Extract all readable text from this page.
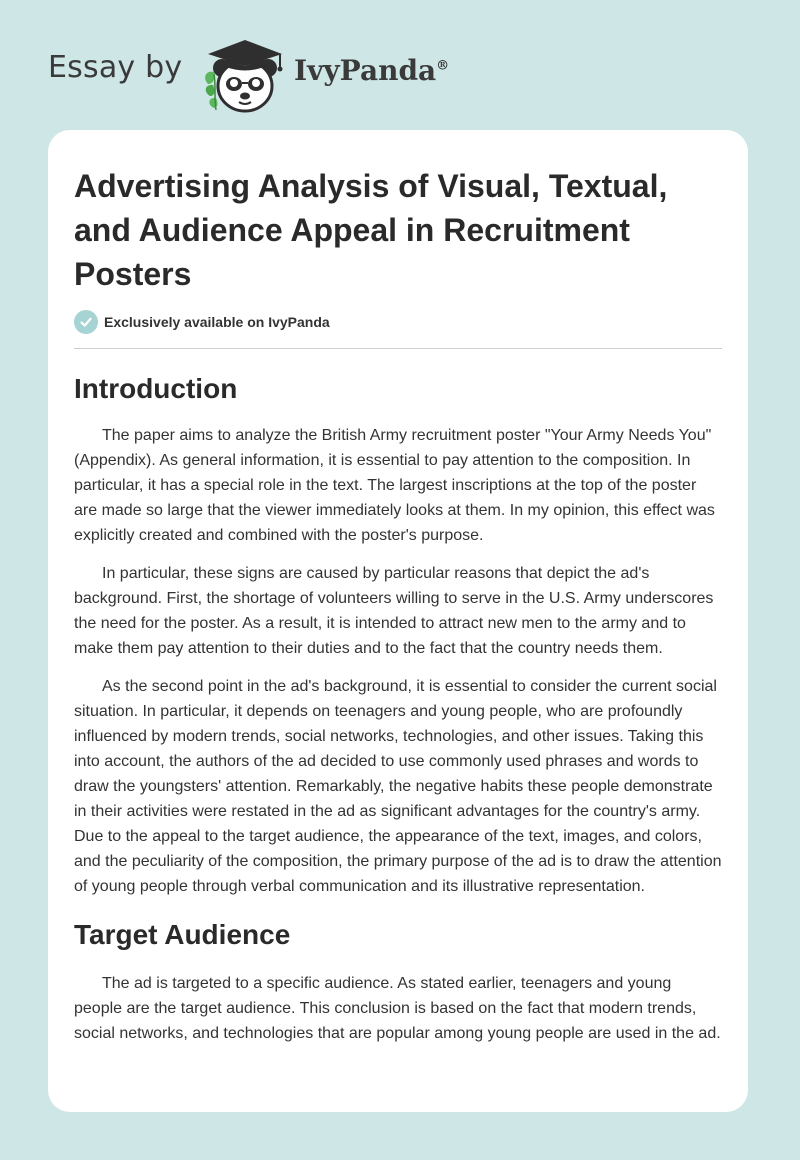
Essay by	IvyPanda®
Advertising Analysis of Visual, Textual, and Audience Appeal in Recruitment Posters
Exclusively available on IvyPanda
Introduction

The paper aims to analyze the British Army recruitment poster "Your Army Needs You" (Appendix). As general information, it is essential to pay attention to the composition. In particular, it has a special role in the text. The largest inscriptions at the top of the poster are made so large that the viewer immediately looks at them. In my opinion, this effect was explicitly created and combined with the poster's purpose.

In particular, these signs are caused by particular reasons that depict the ad's background. First, the shortage of volunteers willing to serve in the U.S. Army underscores the need for the poster. As a result, it is intended to attract new men to the army and to make them pay attention to their duties and to the fact that the country needs them.

As the second point in the ad's background, it is essential to consider the current social situation. In particular, it depends on teenagers and young people, who are profoundly influenced by modern trends, social networks, technologies, and other issues. Taking this into account, the authors of the ad decided to use commonly used phrases and words to draw the youngsters' attention. Remarkably, the negative habits these people demonstrate in their activities were restated in the ad as significant advantages for the country's army. Due to the appeal to the target audience, the appearance of the text, images, and colors, and the peculiarity of the composition, the primary purpose of the ad is to draw the attention of young people through verbal communication and its illustrative representation.

Target Audience

The ad is targeted to a specific audience. As stated earlier, teenagers and young people are the target audience. This conclusion is based on the fact that modern trends, social networks, and technologies that are popular among young people are used in the ad.
